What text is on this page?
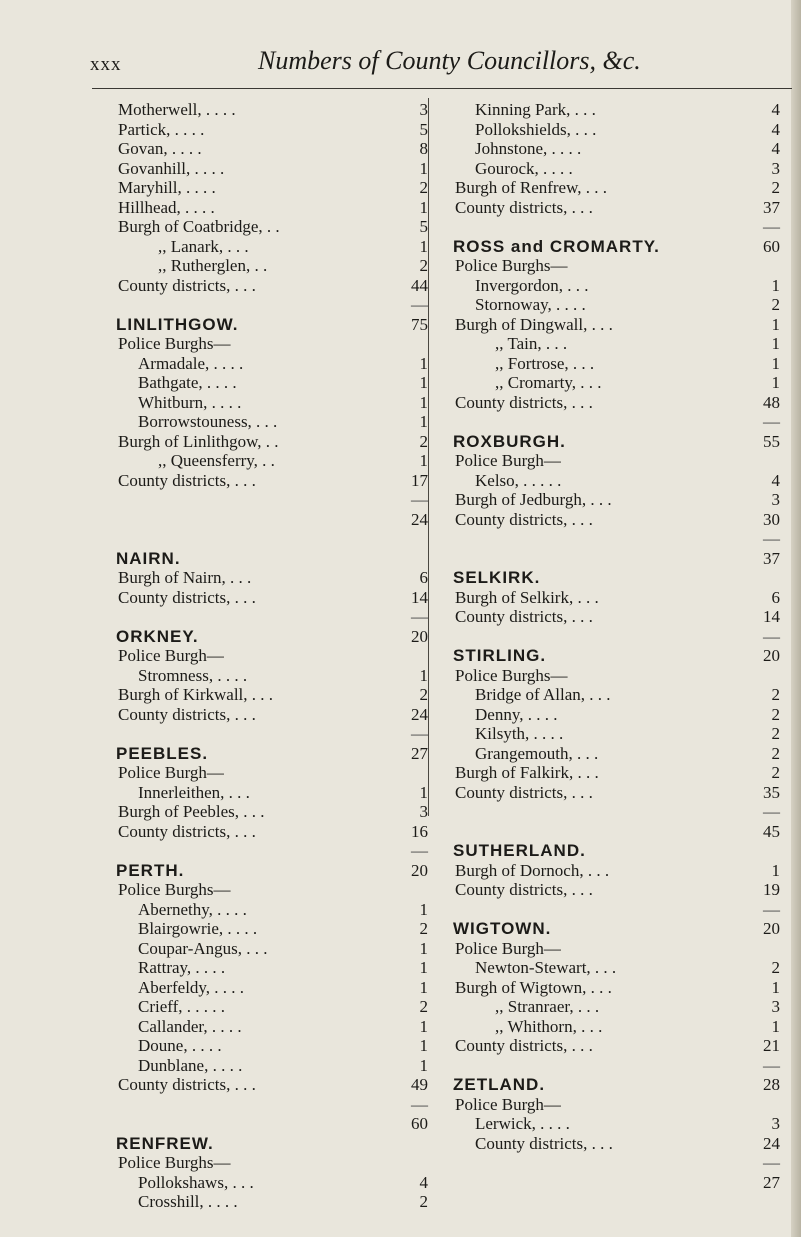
xxx	Numbers of County Councillors, &c.
Motherwell, . . . .	3
Partick, . . . .	5
Govan, . . . .	8
Govanhill, . . . .	1
Maryhill, . . . .	2
Hillhead, . . . .	1
Burgh of Coatbridge, . .	5
,, Lanark, . . .	1
,, Rutherglen, . .	2
County districts, . . .	44
—
LINLITHGOW.	75
Police Burghs—
Armadale, . . . .	1
Bathgate, . . . .	1
Whitburn, . . . .	1
Borrowstouness, . . .	1
Burgh of Linlithgow, . .	2
,, Queensferry, . .	1
County districts, . . .	17
—
24
NAIRN.
Burgh of Nairn, . . .	6
County districts, . . .	14
—
ORKNEY.	20
Police Burgh—
Stromness, . . . .	1
Burgh of Kirkwall, . . .	2
County districts, . . .	24
—
PEEBLES.	27
Police Burgh—
Innerleithen, . . .	1
Burgh of Peebles, . . .	3
County districts, . . .	16
—
PERTH.	20
Police Burghs—
Abernethy, . . . .	1
Blairgowrie, . . . .	2
Coupar-Angus, . . .	1
Rattray, . . . .	1
Aberfeldy, . . . .	1
Crieff, . . . . .	2
Callander, . . . .	1
Doune, . . . .	1
Dunblane, . . . .	1
County districts, . . .	49
—
60
RENFREW.
Police Burghs—
Pollokshaws, . . .	4
Crosshill, . . . .	2
Kinning Park, . . .	4
Pollokshields, . . .	4
Johnstone, . . . .	4
Gourock, . . . .	3
Burgh of Renfrew, . . .	2
County districts, . . .	37
—
ROSS and CROMARTY.	60
Police Burghs—
Invergordon, . . .	1
Stornoway, . . . .	2
Burgh of Dingwall, . . .	1
,, Tain, . . .	1
,, Fortrose, . . .	1
,, Cromarty, . . .	1
County districts, . . .	48
—
ROXBURGH.	55
Police Burgh—
Kelso, . . . . .	4
Burgh of Jedburgh, . . .	3
County districts, . . .	30
—
37
SELKIRK.
Burgh of Selkirk, . . .	6
County districts, . . .	14
—
STIRLING.	20
Police Burghs—
Bridge of Allan, . . .	2
Denny, . . . .	2
Kilsyth, . . . .	2
Grangemouth, . . .	2
Burgh of Falkirk, . . .	2
County districts, . . .	35
—
45
SUTHERLAND.
Burgh of Dornoch, . . .	1
County districts, . . .	19
—
WIGTOWN.	20
Police Burgh—
Newton-Stewart, . . .	2
Burgh of Wigtown, . . .	1
,, Stranraer, . . .	3
,, Whithorn, . . .	1
County districts, . . .	21
—
ZETLAND.	28
Police Burgh—
Lerwick, . . . .	3
County districts, . . .	24
—
27
